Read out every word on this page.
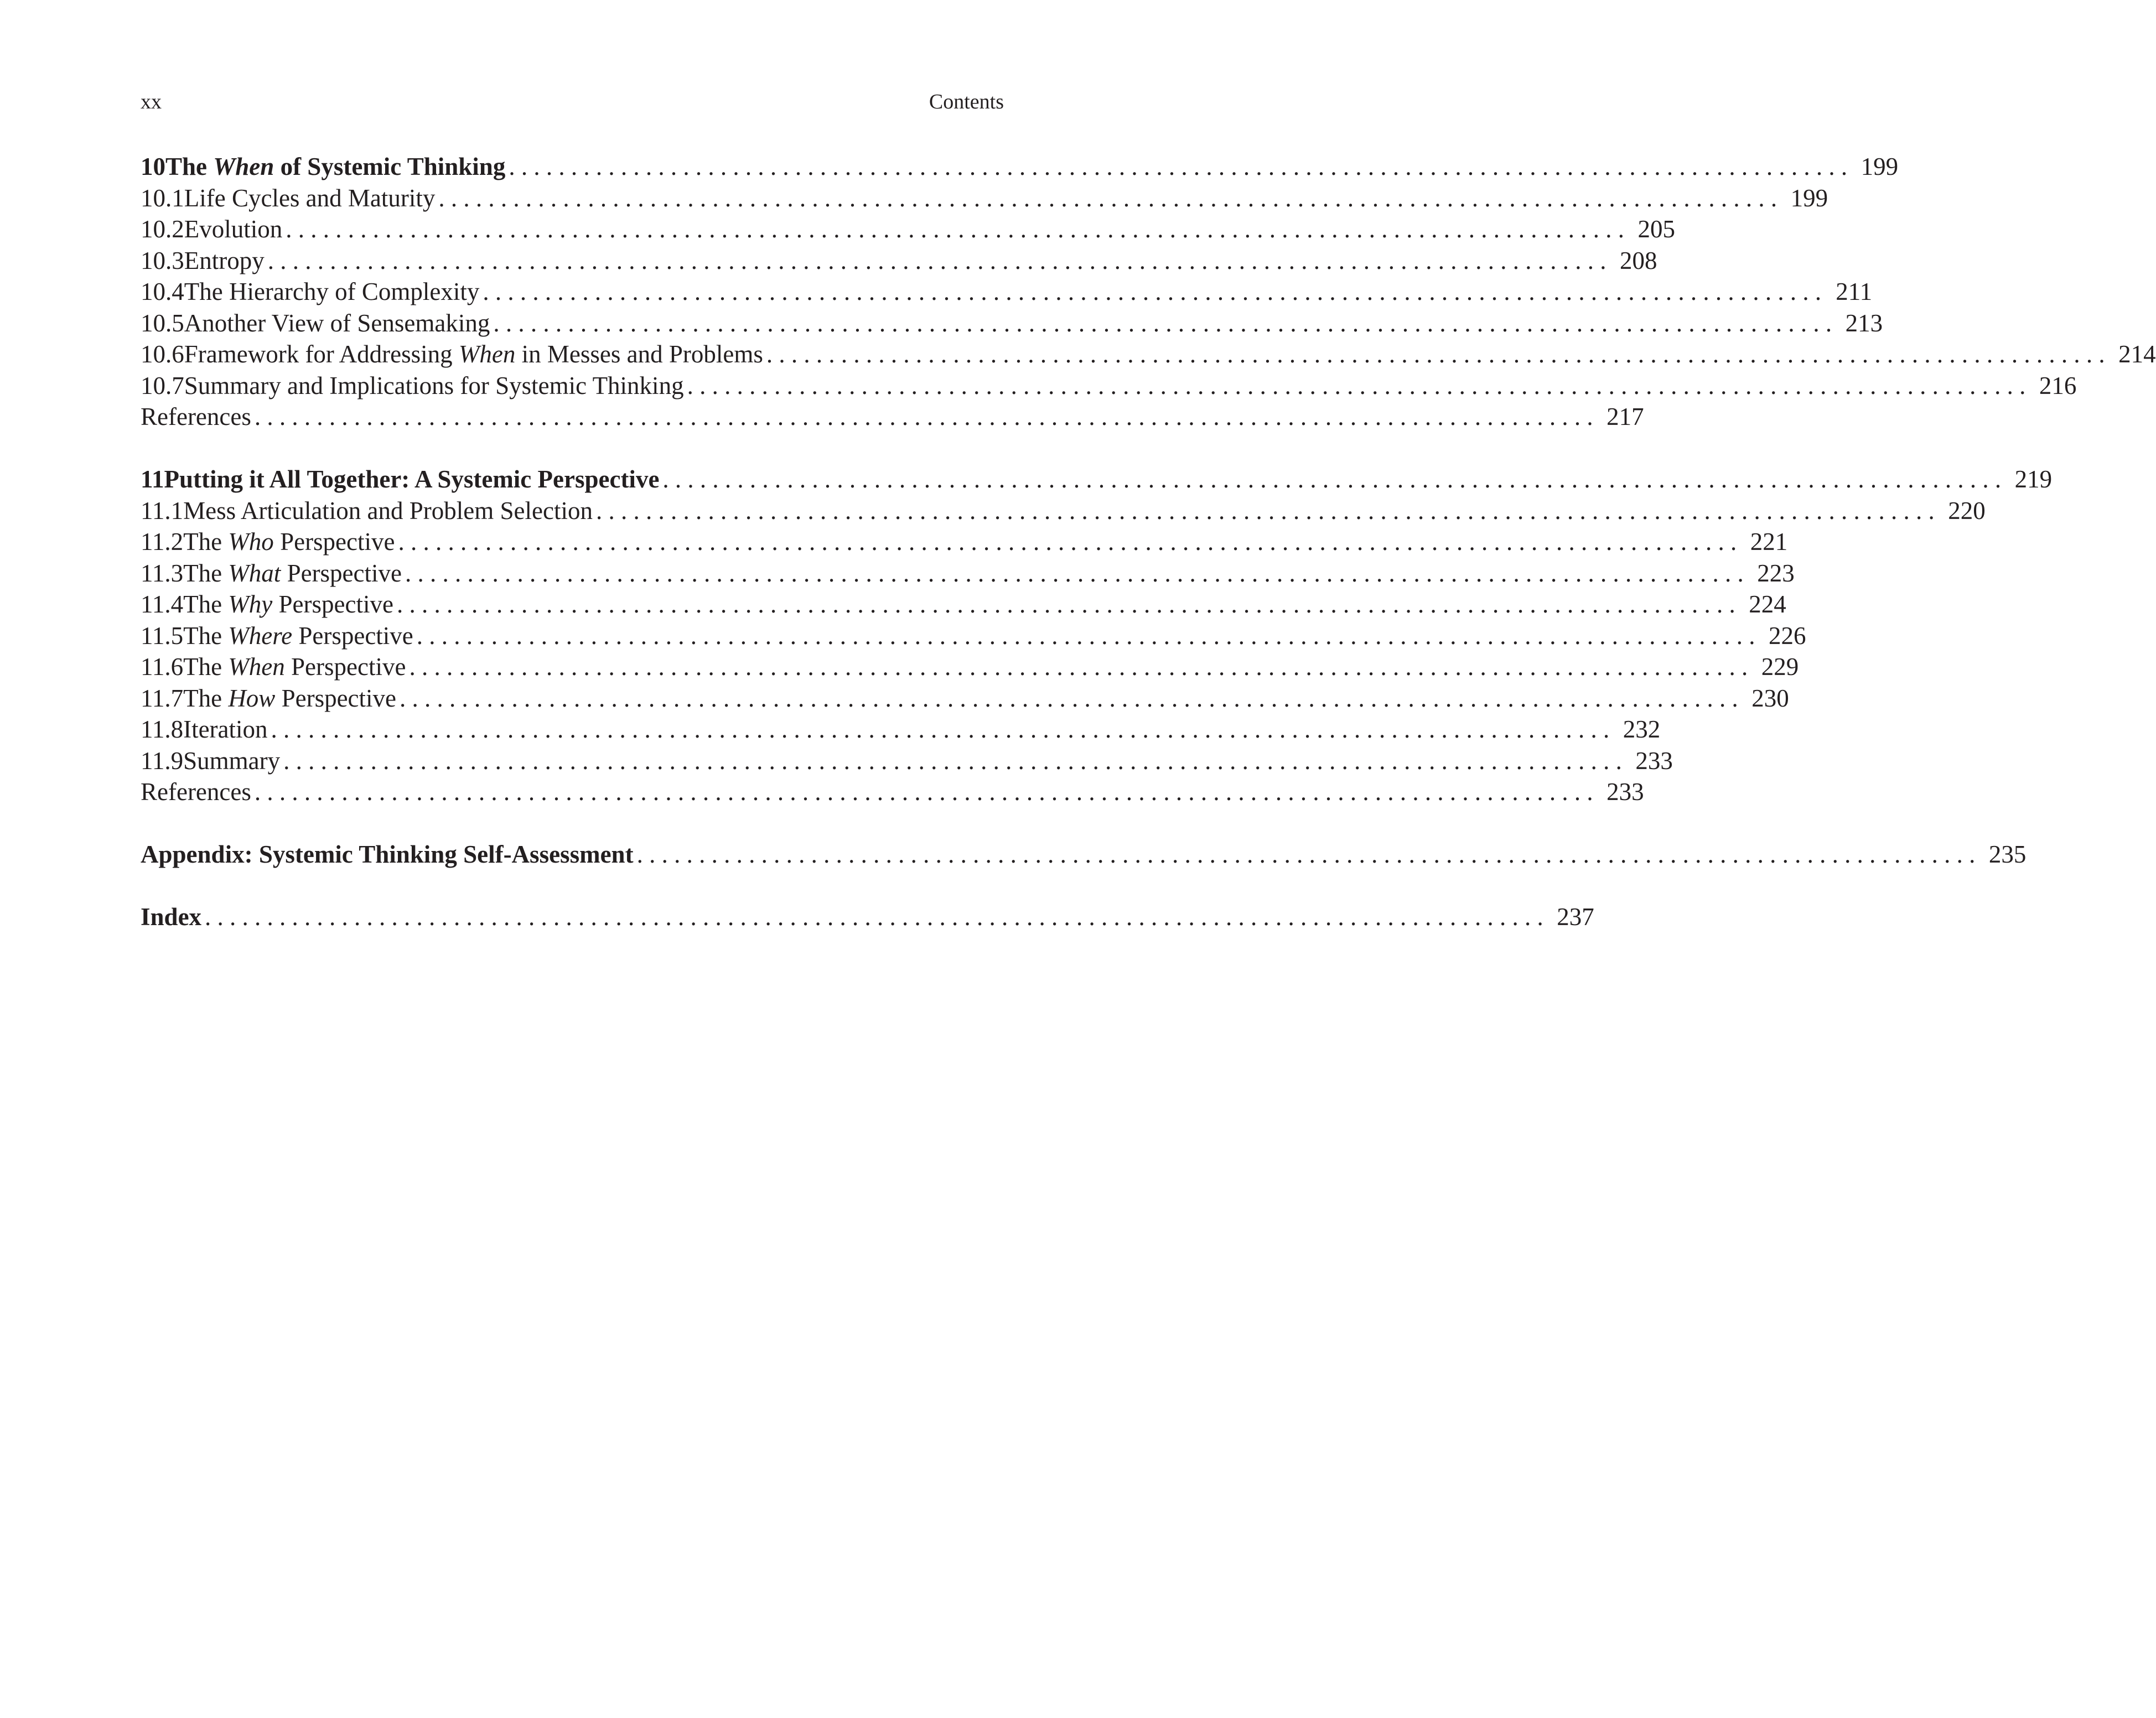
xx	Contents
10 The When of Systemic Thinking . . .	199
10.1 Life Cycles and Maturity . . .	199
10.2 Evolution . . .	205
10.3 Entropy . . .	208
10.4 The Hierarchy of Complexity . . .	211
10.5 Another View of Sensemaking . . .	213
10.6 Framework for Addressing When in Messes and Problems . . .	214
10.7 Summary and Implications for Systemic Thinking . . .	216
References . . .	217
11 Putting it All Together: A Systemic Perspective . . .	219
11.1 Mess Articulation and Problem Selection . . .	220
11.2 The Who Perspective . . .	221
11.3 The What Perspective . . .	223
11.4 The Why Perspective . . .	224
11.5 The Where Perspective . . .	226
11.6 The When Perspective . . .	229
11.7 The How Perspective . . .	230
11.8 Iteration . . .	232
11.9 Summary . . .	233
References . . .	233
Appendix: Systemic Thinking Self-Assessment . . .	235
Index . . .	237
